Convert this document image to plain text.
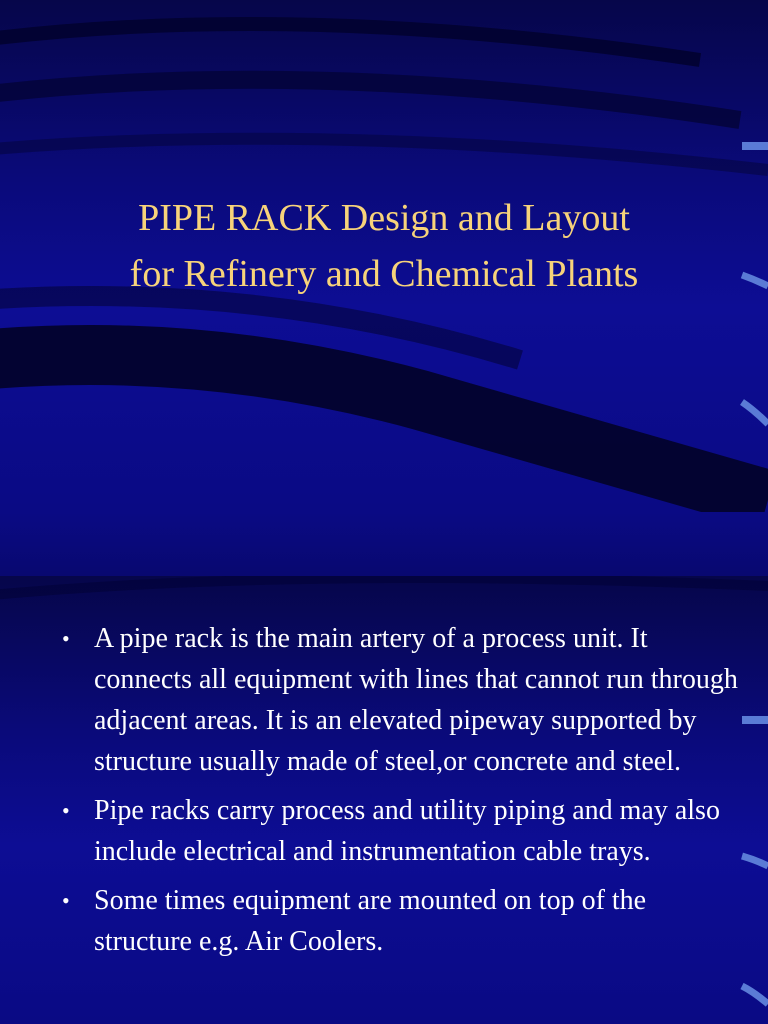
PIPE RACK Design and Layout
for Refinery and Chemical Plants
• A pipe rack is the main artery of a process unit. It connects all equipment with lines that cannot run through adjacent areas. It is an elevated pipeway supported by structure usually made of steel,or concrete and steel.
• Pipe racks carry process and utility piping and may also include electrical and instrumentation cable trays.
• Some times equipment are mounted on top of the structure e.g. Air Coolers.
